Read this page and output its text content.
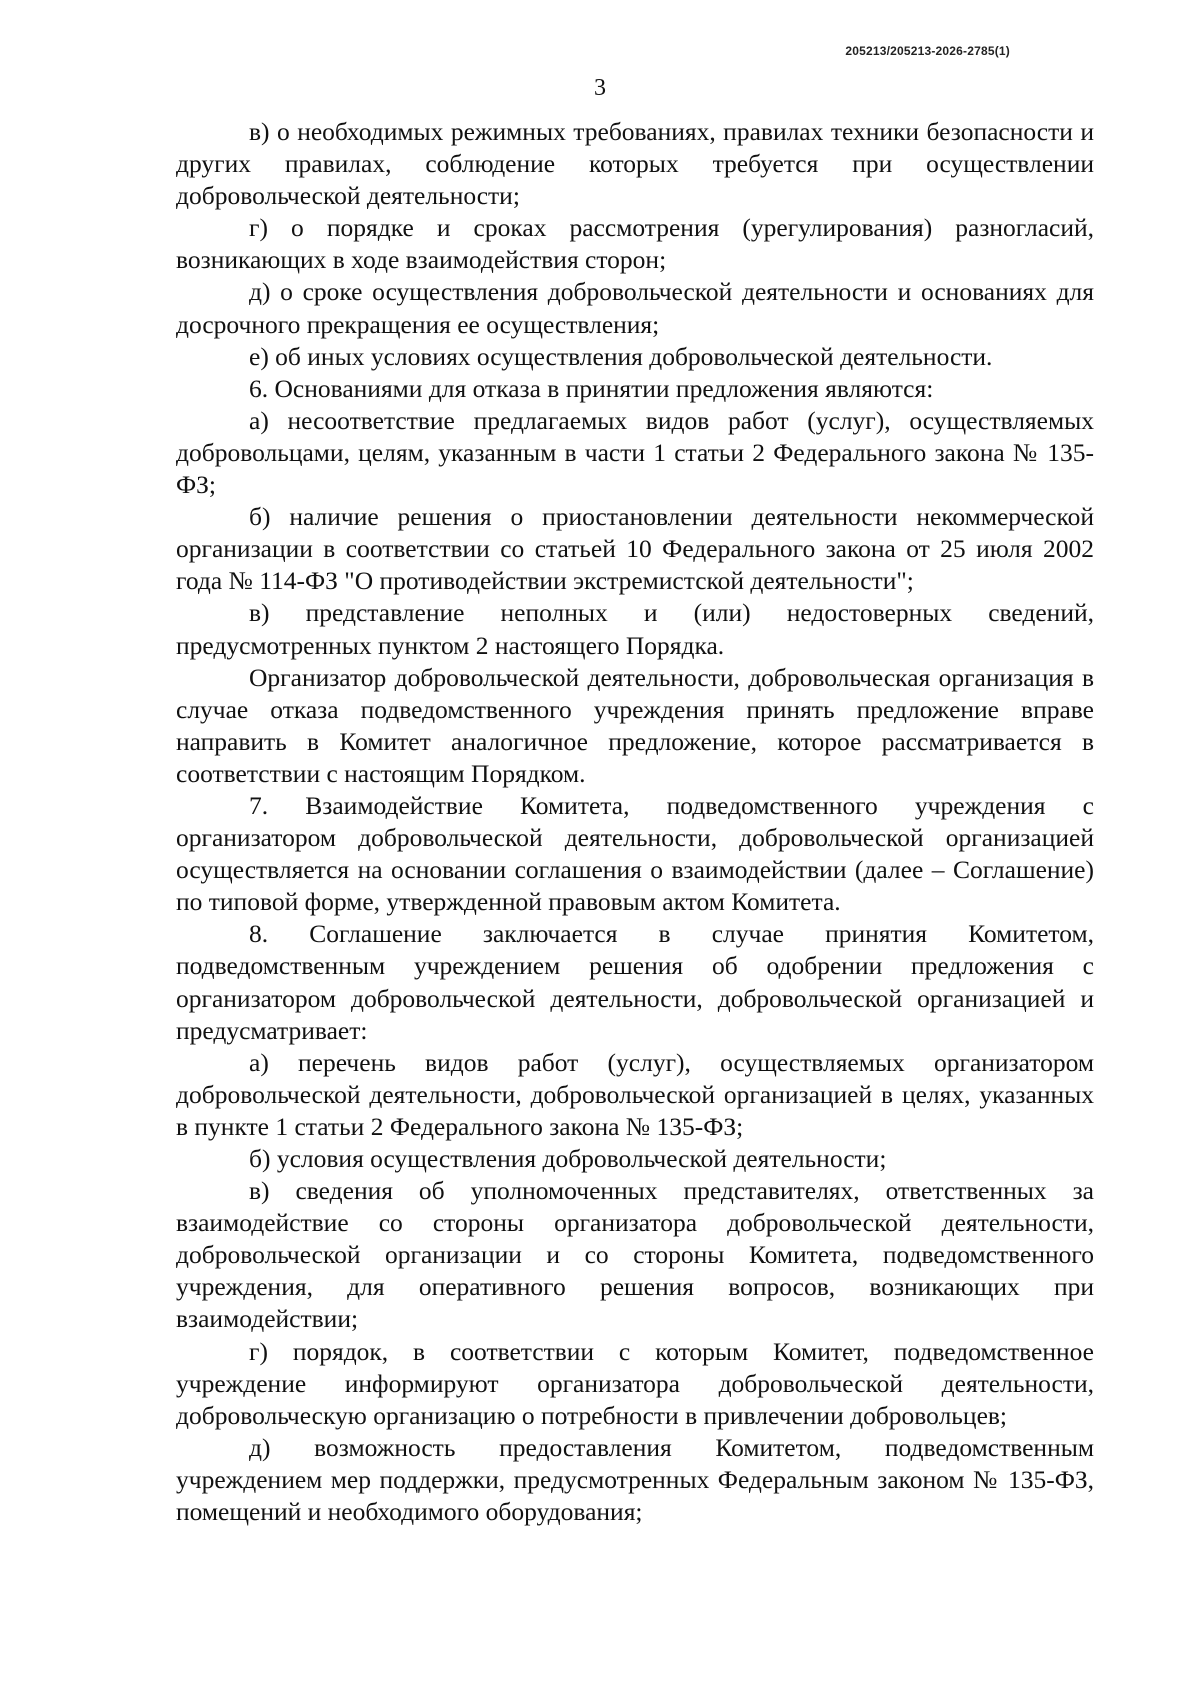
205213/205213-2026-2785(1)
3

в) о необходимых режимных требованиях, правилах техники безопасности и других правилах, соблюдение которых требуется при осуществлении добровольческой деятельности;

г) о порядке и сроках рассмотрения (урегулирования) разногласий, возникающих в ходе взаимодействия сторон;

д) о сроке осуществления добровольческой деятельности и основаниях для досрочного прекращения ее осуществления;

е) об иных условиях осуществления добровольческой деятельности.

6. Основаниями для отказа в принятии предложения являются:

а) несоответствие предлагаемых видов работ (услуг), осуществляемых добровольцами, целям, указанным в части 1 статьи 2 Федерального закона № 135-ФЗ;

б) наличие решения о приостановлении деятельности некоммерческой организации в соответствии со статьей 10 Федерального закона от 25 июля 2002 года № 114-ФЗ "О противодействии экстремистской деятельности";

в) представление неполных и (или) недостоверных сведений, предусмотренных пунктом 2 настоящего Порядка.

Организатор добровольческой деятельности, добровольческая организация в случае отказа подведомственного учреждения принять предложение вправе направить в Комитет аналогичное предложение, которое рассматривается в соответствии с настоящим Порядком.

7. Взаимодействие Комитета, подведомственного учреждения с организатором добровольческой деятельности, добровольческой организацией осуществляется на основании соглашения о взаимодействии (далее – Соглашение) по типовой форме, утвержденной правовым актом Комитета.

8. Соглашение заключается в случае принятия Комитетом, подведомственным учреждением решения об одобрении предложения с организатором добровольческой деятельности, добровольческой организацией и предусматривает:

а) перечень видов работ (услуг), осуществляемых организатором добровольческой деятельности, добровольческой организацией в целях, указанных в пункте 1 статьи 2 Федерального закона № 135-ФЗ;

б) условия осуществления добровольческой деятельности;

в) сведения об уполномоченных представителях, ответственных за взаимодействие со стороны организатора добровольческой деятельности, добровольческой организации и со стороны Комитета, подведомственного учреждения, для оперативного решения вопросов, возникающих при взаимодействии;

г) порядок, в соответствии с которым Комитет, подведомственное учреждение информируют организатора добровольческой деятельности, добровольческую организацию о потребности в привлечении добровольцев;

д) возможность предоставления Комитетом, подведомственным учреждением мер поддержки, предусмотренных Федеральным законом № 135-ФЗ, помещений и необходимого оборудования;
